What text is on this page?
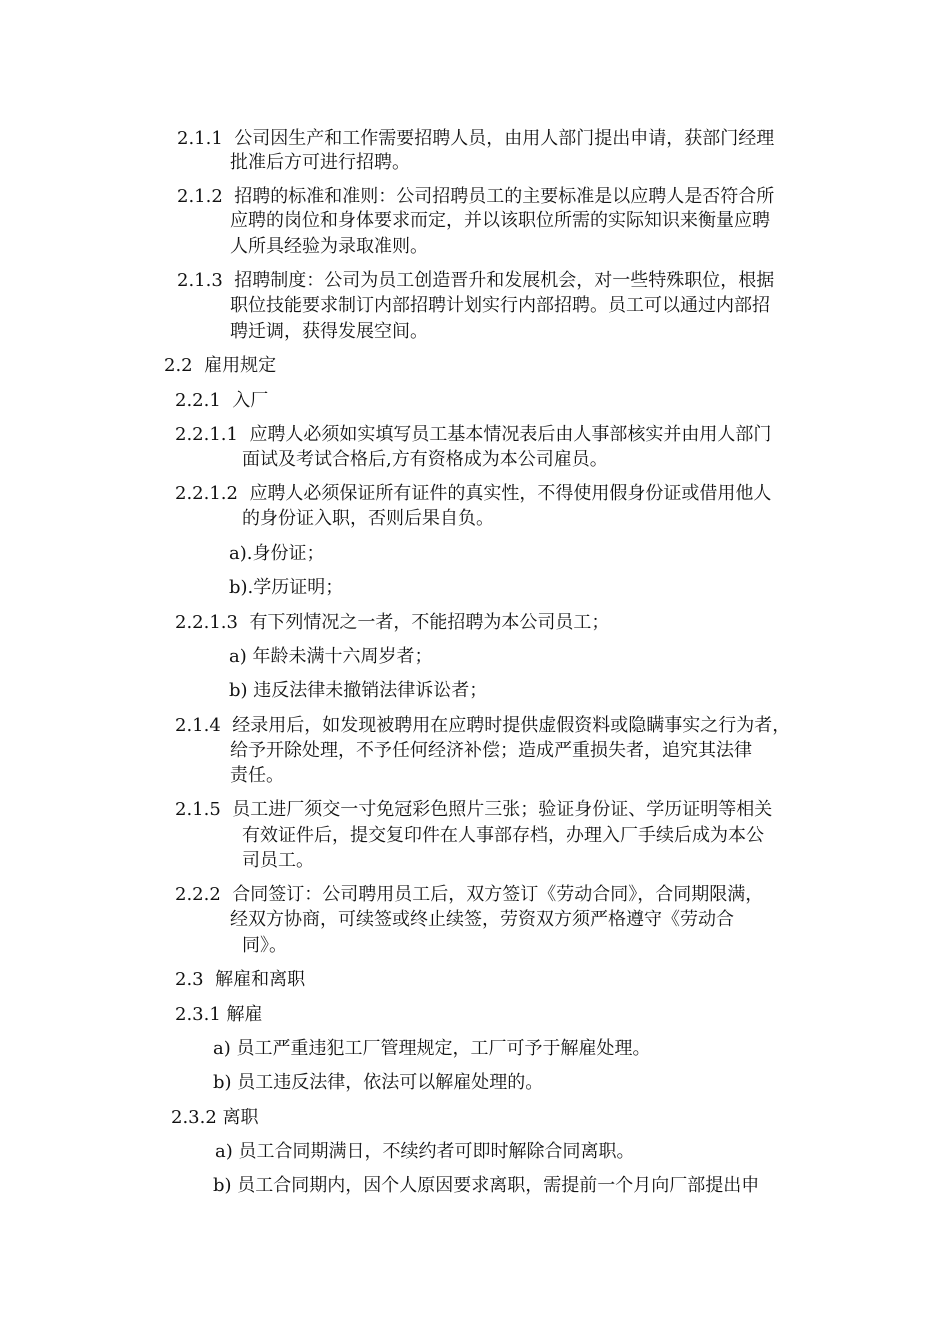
2.1.1 公司因生产和工作需要招聘人员，由用人部门提出申请，获部门经理
批准后方可进行招聘。
2.1.2 招聘的标准和准则：公司招聘员工的主要标准是以应聘人是否符合所
应聘的岗位和身体要求而定，并以该职位所需的实际知识来衡量应聘
人所具经验为录取准则。
2.1.3 招聘制度：公司为员工创造晋升和发展机会，对一些特殊职位，根据
职位技能要求制订内部招聘计划实行内部招聘。员工可以通过内部招
聘迁调，获得发展空间。
2.2 雇用规定
2.2.1 入厂
2.2.1.1 应聘人必须如实填写员工基本情况表后由人事部核实并由用人部门
面试及考试合格后,方有资格成为本公司雇员。
2.2.1.2 应聘人必须保证所有证件的真实性，不得使用假身份证或借用他人
的身份证入职，否则后果自负。
a).身份证；
b).学历证明；
2.2.1.3 有下列情况之一者，不能招聘为本公司员工；
a) 年龄未满十六周岁者；
b) 违反法律未撤销法律诉讼者；
2.1.4 经录用后，如发现被聘用在应聘时提供虚假资料或隐瞒事实之行为者，
给予开除处理，不予任何经济补偿；造成严重损失者，追究其法律
责任。
2.1.5 员工进厂须交一寸免冠彩色照片三张；验证身份证、学历证明等相关
有效证件后，提交复印件在人事部存档，办理入厂手续后成为本公
司员工。
2.2.2 合同签订：公司聘用员工后，双方签订《劳动合同》，合同期限满，
经双方协商，可续签或终止续签，劳资双方须严格遵守《劳动合
同》。
2.3 解雇和离职
2.3.1 解雇
a) 员工严重违犯工厂管理规定，工厂可予于解雇处理。
b) 员工违反法律，依法可以解雇处理的。
2.3.2 离职
a) 员工合同期满日，不续约者可即时解除合同离职。
b) 员工合同期内，因个人原因要求离职，需提前一个月向厂部提出申
